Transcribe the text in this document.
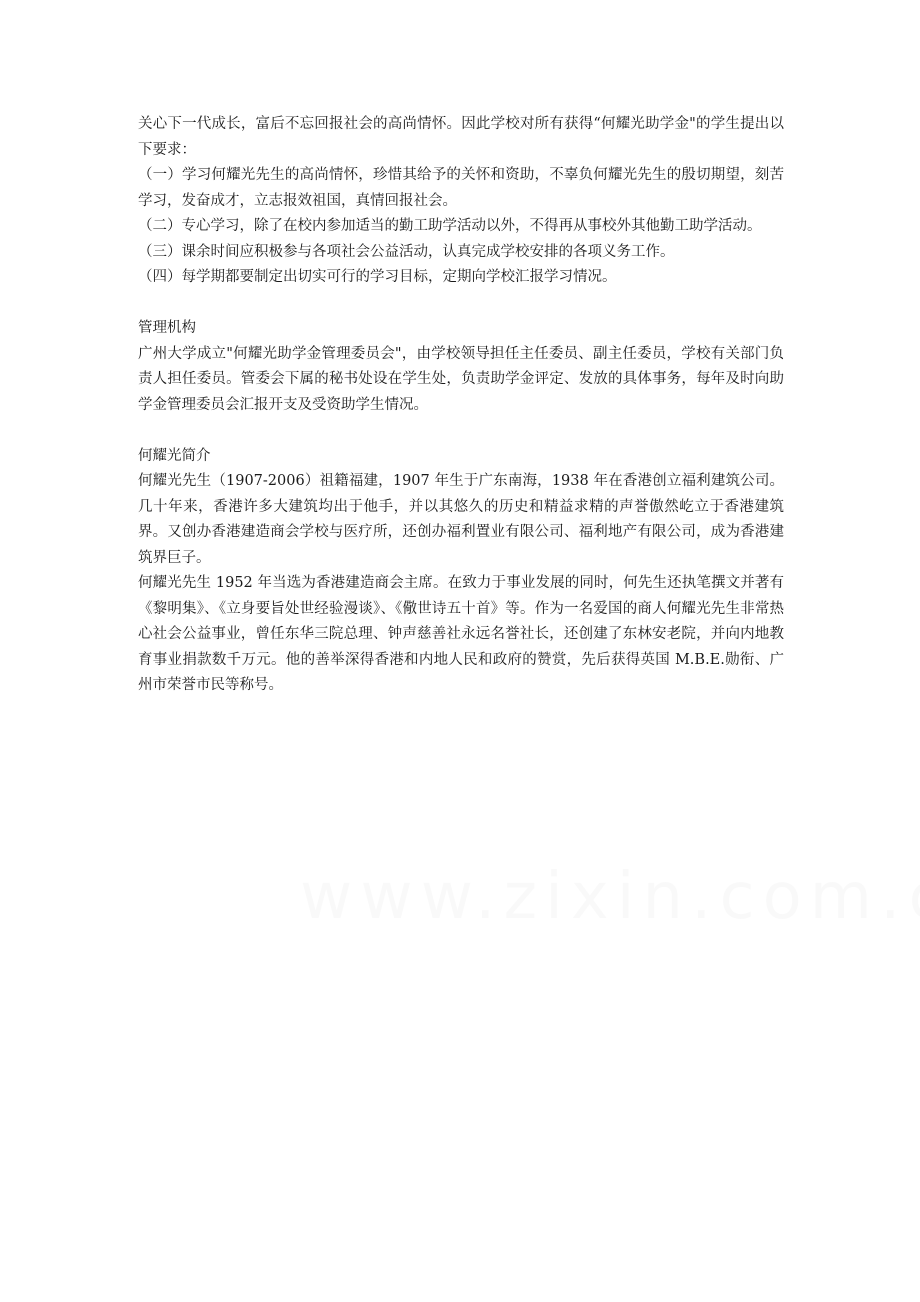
关心下一代成长，富后不忘回报社会的高尚情怀。因此学校对所有获得“何耀光助学金"的学生提出以下要求：

（一）学习何耀光先生的高尚情怀，珍惜其给予的关怀和资助，不辜负何耀光先生的殷切期望，刻苦学习，发奋成才，立志报效祖国，真情回报社会。

（二）专心学习，除了在校内参加适当的勤工助学活动以外，不得再从事校外其他勤工助学活动。

（三）课余时间应积极参与各项社会公益活动，认真完成学校安排的各项义务工作。

（四）每学期都要制定出切实可行的学习目标，定期向学校汇报学习情况。

管理机构

广州大学成立"何耀光助学金管理委员会"，由学校领导担任主任委员、副主任委员，学校有关部门负责人担任委员。管委会下属的秘书处设在学生处，负责助学金评定、发放的具体事务，每年及时向助学金管理委员会汇报开支及受资助学生情况。

何耀光简介

何耀光先生（1907-2006）祖籍福建，1907 年生于广东南海，1938 年在香港创立福利建筑公司。几十年来，香港许多大建筑均出于他手，并以其悠久的历史和精益求精的声誉傲然屹立于香港建筑界。又创办香港建造商会学校与医疗所，还创办福利置业有限公司、福利地产有限公司，成为香港建筑界巨子。

何耀光先生 1952 年当选为香港建造商会主席。在致力于事业发展的同时，何先生还执笔撰文并著有《黎明集》、《立身要旨处世经验漫谈》、《儆世诗五十首》等。作为一名爱国的商人何耀光先生非常热心社会公益事业，曾任东华三院总理、钟声慈善社永远名誉社长，还创建了东林安老院，并向内地教育事业捐款数千万元。他的善举深得香港和内地人民和政府的赞赏，先后获得英国 M.B.E.勋衔、广州市荣誉市民等称号。
